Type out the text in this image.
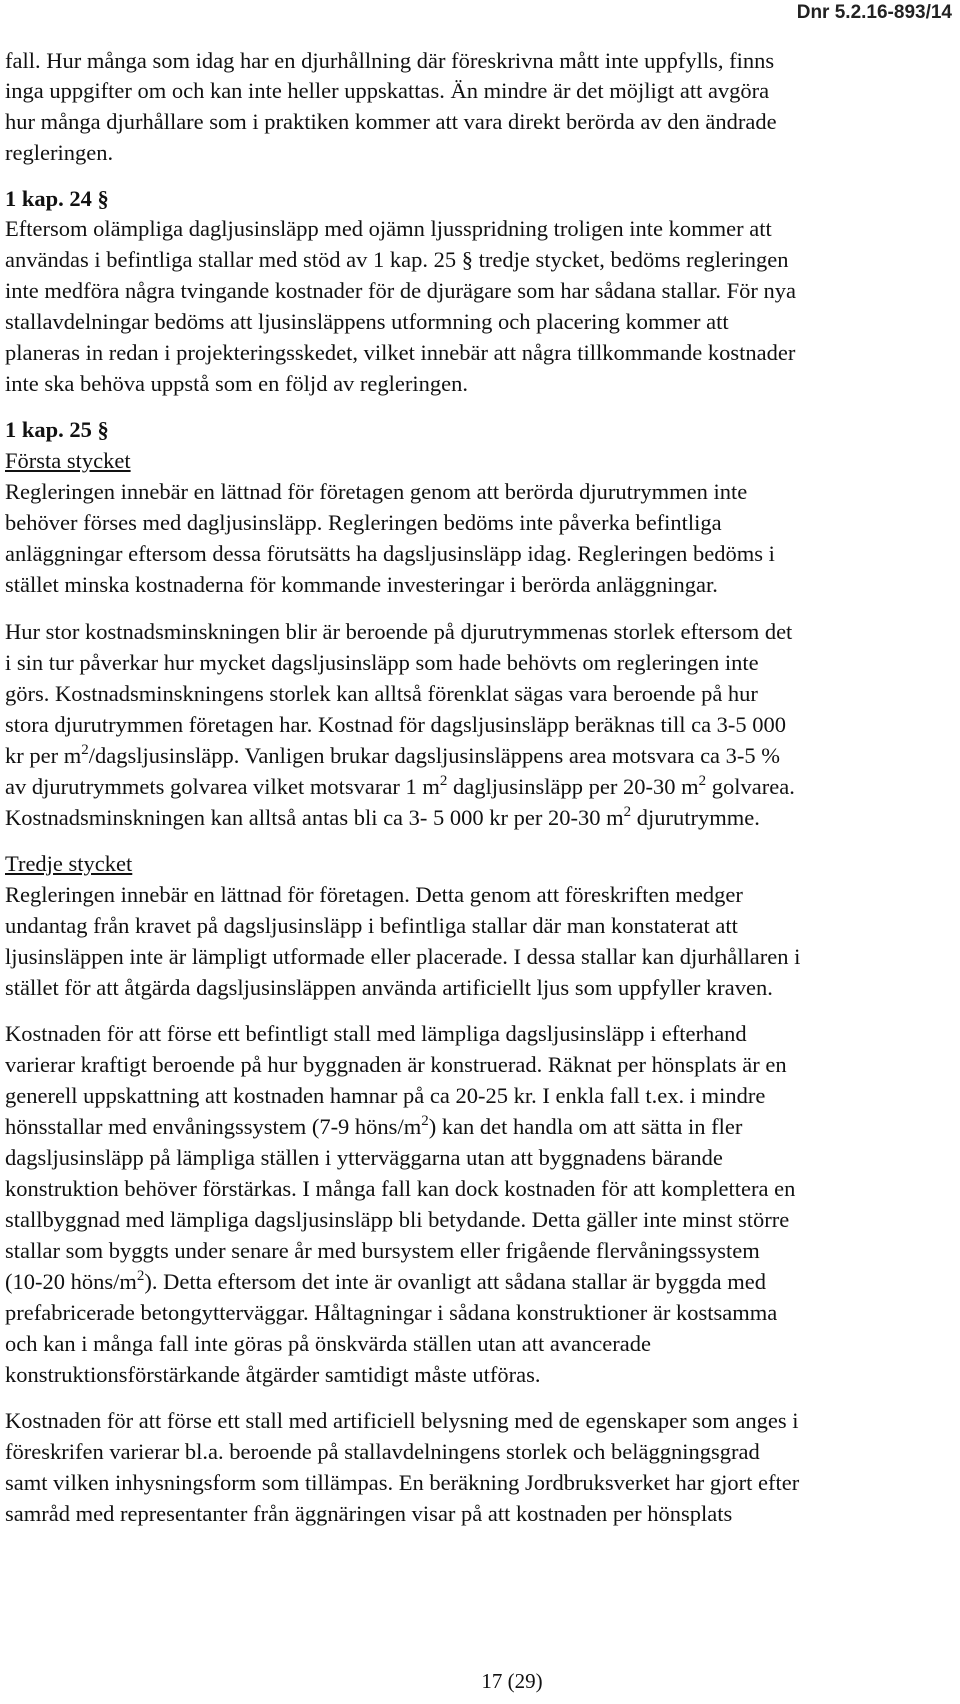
Dnr 5.2.16-893/14
fall. Hur många som idag har en djurhållning där föreskrivna mått inte uppfylls, finns
inga uppgifter om och kan inte heller uppskattas. Än mindre är det möjligt att avgöra
hur många djurhållare som i praktiken kommer att vara direkt berörda av den ändrade
regleringen.
1 kap. 24 §
Eftersom olämpliga dagljusinsläpp med ojämn ljusspridning troligen inte kommer att
användas i befintliga stallar med stöd av 1 kap. 25 § tredje stycket, bedöms regleringen
inte medföra några tvingande kostnader för de djurägare som har sådana stallar. För nya
stallavdelningar bedöms att ljusinsläppens utformning och placering kommer att
planeras in redan i projekteringsskedet, vilket innebär att några tillkommande kostnader
inte ska behöva uppstå som en följd av regleringen.
1 kap. 25 §
Första stycket
Regleringen innebär en lättnad för företagen genom att berörda djurutrymmen inte
behöver förses med dagljusinsläpp. Regleringen bedöms inte påverka befintliga
anläggningar eftersom dessa förutsätts ha dagsljusinsläpp idag. Regleringen bedöms i
stället minska kostnaderna för kommande investeringar i berörda anläggningar.
Hur stor kostnadsminskningen blir är beroende på djurutrymmenas storlek eftersom det
i sin tur påverkar hur mycket dagsljusinsläpp som hade behövts om regleringen inte
görs. Kostnadsminskningens storlek kan alltså förenklat sägas vara beroende på hur
stora djurutrymmen företagen har. Kostnad för dagsljusinsläpp beräknas till ca 3-5 000
kr per $m^2$/dagsljusinsläpp. Vanligen brukar dagsljusinsläppens area motsvara ca 3-5 %
av djurutrymmets golvarea vilket motsvarar 1 $m^2$ dagljusinsläpp per 20-30 $m^2$ golvarea.
Kostnadsminskningen kan alltså antas bli ca 3- 5 000 kr per 20-30 $m^2$ djurutrymme.
Tredje stycket
Regleringen innebär en lättnad för företagen. Detta genom att föreskriften medger
undantag från kravet på dagsljusinsläpp i befintliga stallar där man konstaterat att
ljusinsläppen inte är lämpligt utformade eller placerade. I dessa stallar kan djurhållaren i
stället för att åtgärda dagsljusinsläppen använda artificiellt ljus som uppfyller kraven.
Kostnaden för att förse ett befintligt stall med lämpliga dagsljusinsläpp i efterhand
varierar kraftigt beroende på hur byggnaden är konstruerad. Räknat per hönsplats är en
generell uppskattning att kostnaden hamnar på ca 20-25 kr. I enkla fall t.ex. i mindre
hönsstallar med envåningssystem (7-9 höns/$m^2$) kan det handla om att sätta in fler
dagsljusinsläpp på lämpliga ställen i ytterväggarna utan att byggnadens bärande
konstruktion behöver förstärkas. I många fall kan dock kostnaden för att komplettera en
stallbyggnad med lämpliga dagsljusinsläpp bli betydande. Detta gäller inte minst större
stallar som byggts under senare år med bursystem eller frigående flervåningssystem
(10-20 höns/$m^2$). Detta eftersom det inte är ovanligt att sådana stallar är byggda med
prefabricerade betongytterväggar. Håltagningar i sådana konstruktioner är kostsamma
och kan i många fall inte göras på önskvärda ställen utan att avancerade
konstruktionsförstärkande åtgärder samtidigt måste utföras.
Kostnaden för att förse ett stall med artificiell belysning med de egenskaper som anges i
föreskrifen varierar bl.a. beroende på stallavdelningens storlek och beläggningsgrad
samt vilken inhysningsform som tillämpas. En beräkning Jordbruksverket har gjort efter
samråd med representanter från äggnäringen visar på att kostnaden per hönsplats
17 (29)
